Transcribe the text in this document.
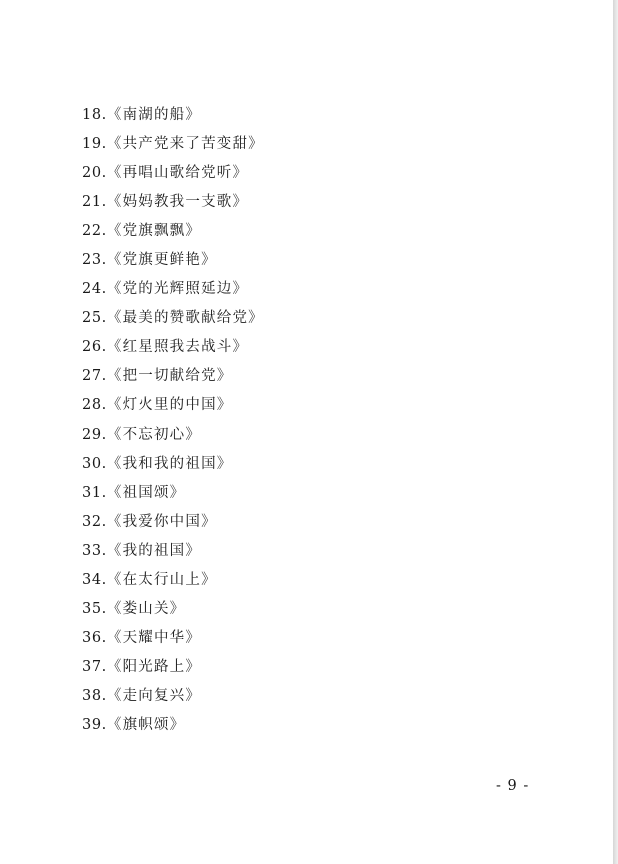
18.《南湖的船》
19.《共产党来了苦变甜》
20.《再唱山歌给党听》
21.《妈妈教我一支歌》
22.《党旗飘飘》
23.《党旗更鲜艳》
24.《党的光辉照延边》
25.《最美的赞歌献给党》
26.《红星照我去战斗》
27.《把一切献给党》
28.《灯火里的中国》
29.《不忘初心》
30.《我和我的祖国》
31.《祖国颂》
32.《我爱你中国》
33.《我的祖国》
34.《在太行山上》
35.《娄山关》
36.《天耀中华》
37.《阳光路上》
38.《走向复兴》
39.《旗帜颂》
- 9 -
